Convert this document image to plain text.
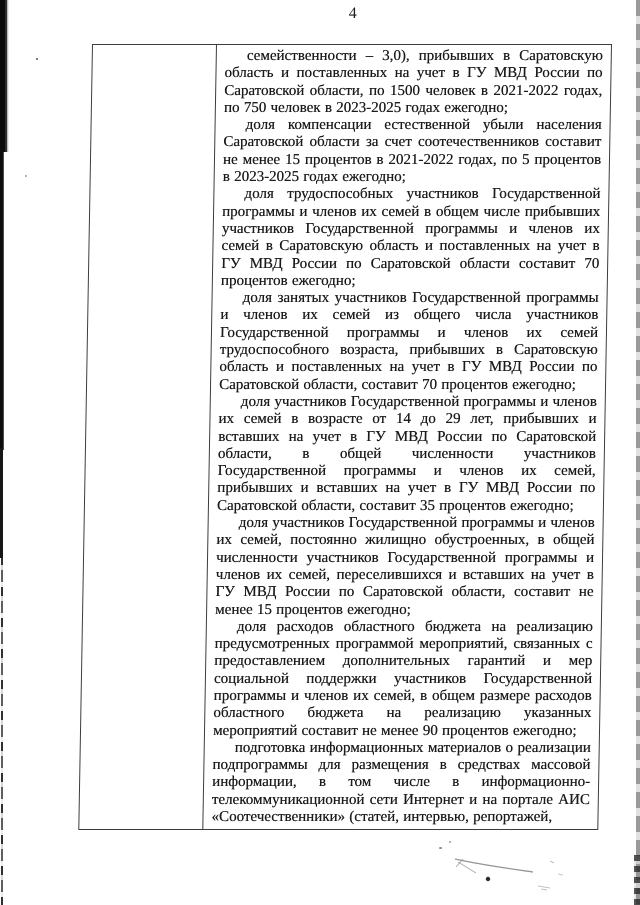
4

семейственности – 3,0), прибывших в Саратовскую область и поставленных на учет в ГУ МВД России по Саратовской области, по 1500 человек в 2021-2022 годах, по 750 человек в 2023-2025 годах ежегодно;

доля компенсации естественной убыли населения Саратовской области за счет соотечественников составит не менее 15 процентов в 2021-2022 годах, по 5 процентов в 2023-2025 годах ежегодно;

доля трудоспособных участников Государственной программы и членов их семей в общем числе прибывших участников Государственной программы и членов их семей в Саратовскую область и поставленных на учет в ГУ МВД России по Саратовской области составит 70 процентов ежегодно;

доля занятых участников Государственной программы и членов их семей из общего числа участников Государственной программы и членов их семей трудоспособного возраста, прибывших в Саратовскую область и поставленных на учет в ГУ МВД России по Саратовской области, составит 70 процентов ежегодно;

доля участников Государственной программы и членов их семей в возрасте от 14 до 29 лет, прибывших и вставших на учет в ГУ МВД России по Саратовской области, в общей численности участников Государственной программы и членов их семей, прибывших и вставших на учет в ГУ МВД России по Саратовской области, составит 35 процентов ежегодно;

доля участников Государственной программы и членов их семей, постоянно жилищно обустроенных, в общей численности участников Государственной программы и членов их семей, переселившихся и вставших на учет в ГУ МВД России по Саратовской области, составит не менее 15 процентов ежегодно;

доля расходов областного бюджета на реализацию предусмотренных программой мероприятий, связанных с предоставлением дополнительных гарантий и мер социальной поддержки участников Государственной программы и членов их семей, в общем размере расходов областного бюджета на реализацию указанных мероприятий составит не менее 90 процентов ежегодно;

подготовка информационных материалов о реализации подпрограммы для размещения в средствах массовой информации, в том числе в информационно-телекоммуникационной сети Интернет и на портале АИС «Соотечественники» (статей, интервью, репортажей,
